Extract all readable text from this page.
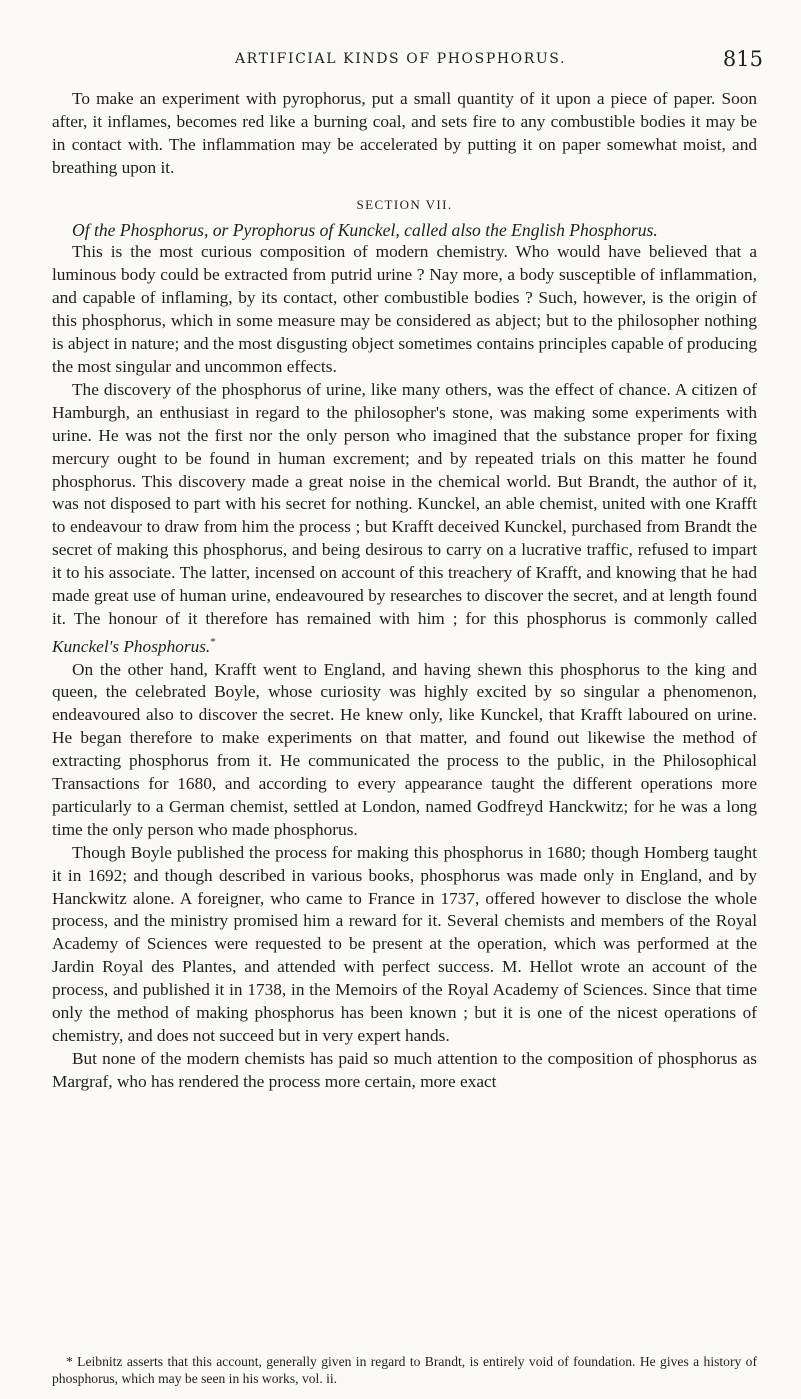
ARTIFICIAL KINDS OF PHOSPHORUS.	815

To make an experiment with pyrophorus, put a small quantity of it upon a piece of paper. Soon after, it inflames, becomes red like a burning coal, and sets fire to any combustible bodies it may be in contact with. The inflammation may be accelerated by putting it on paper somewhat moist, and breathing upon it.

SECTION VII.

Of the Phosphorus, or Pyrophorus of Kunckel, called also the English Phosphorus.

This is the most curious composition of modern chemistry. Who would have believed that a luminous body could be extracted from putrid urine ? Nay more, a body susceptible of inflammation, and capable of inflaming, by its contact, other combustible bodies ? Such, however, is the origin of this phosphorus, which in some measure may be considered as abject; but to the philosopher nothing is abject in nature; and the most disgusting object sometimes contains principles capable of producing the most singular and uncommon effects.

The discovery of the phosphorus of urine, like many others, was the effect of chance. A citizen of Hamburgh, an enthusiast in regard to the philosopher's stone, was making some experiments with urine. He was not the first nor the only person who imagined that the substance proper for fixing mercury ought to be found in human excrement; and by repeated trials on this matter he found phosphorus. This discovery made a great noise in the chemical world. But Brandt, the author of it, was not disposed to part with his secret for nothing. Kunckel, an able chemist, united with one Krafft to endeavour to draw from him the process ; but Krafft deceived Kunckel, purchased from Brandt the secret of making this phosphorus, and being desirous to carry on a lucrative traffic, refused to impart it to his associate. The latter, incensed on account of this treachery of Krafft, and knowing that he had made great use of human urine, endeavoured by researches to discover the secret, and at length found it. The honour of it therefore has remained with him ; for this phosphorus is commonly called Kunckel's Phosphorus.*

On the other hand, Krafft went to England, and having shewn this phosphorus to the king and queen, the celebrated Boyle, whose curiosity was highly excited by so singular a phenomenon, endeavoured also to discover the secret. He knew only, like Kunckel, that Krafft laboured on urine. He began therefore to make experiments on that matter, and found out likewise the method of extracting phosphorus from it. He communicated the process to the public, in the Philosophical Transactions for 1680, and according to every appearance taught the different operations more particularly to a German chemist, settled at London, named Godfreyd Hanckwitz; for he was a long time the only person who made phosphorus.

Though Boyle published the process for making this phosphorus in 1680; though Homberg taught it in 1692; and though described in various books, phosphorus was made only in England, and by Hanckwitz alone. A foreigner, who came to France in 1737, offered however to disclose the whole process, and the ministry promised him a reward for it. Several chemists and members of the Royal Academy of Sciences were requested to be present at the operation, which was performed at the Jardin Royal des Plantes, and attended with perfect success. M. Hellot wrote an account of the process, and published it in 1738, in the Memoirs of the Royal Academy of Sciences. Since that time only the method of making phosphorus has been known ; but it is one of the nicest operations of chemistry, and does not succeed but in very expert hands.

But none of the modern chemists has paid so much attention to the composition of phosphorus as Margraf, who has rendered the process more certain, more exact

* Leibnitz asserts that this account, generally given in regard to Brandt, is entirely void of foundation. He gives a history of phosphorus, which may be seen in his works, vol. ii.
